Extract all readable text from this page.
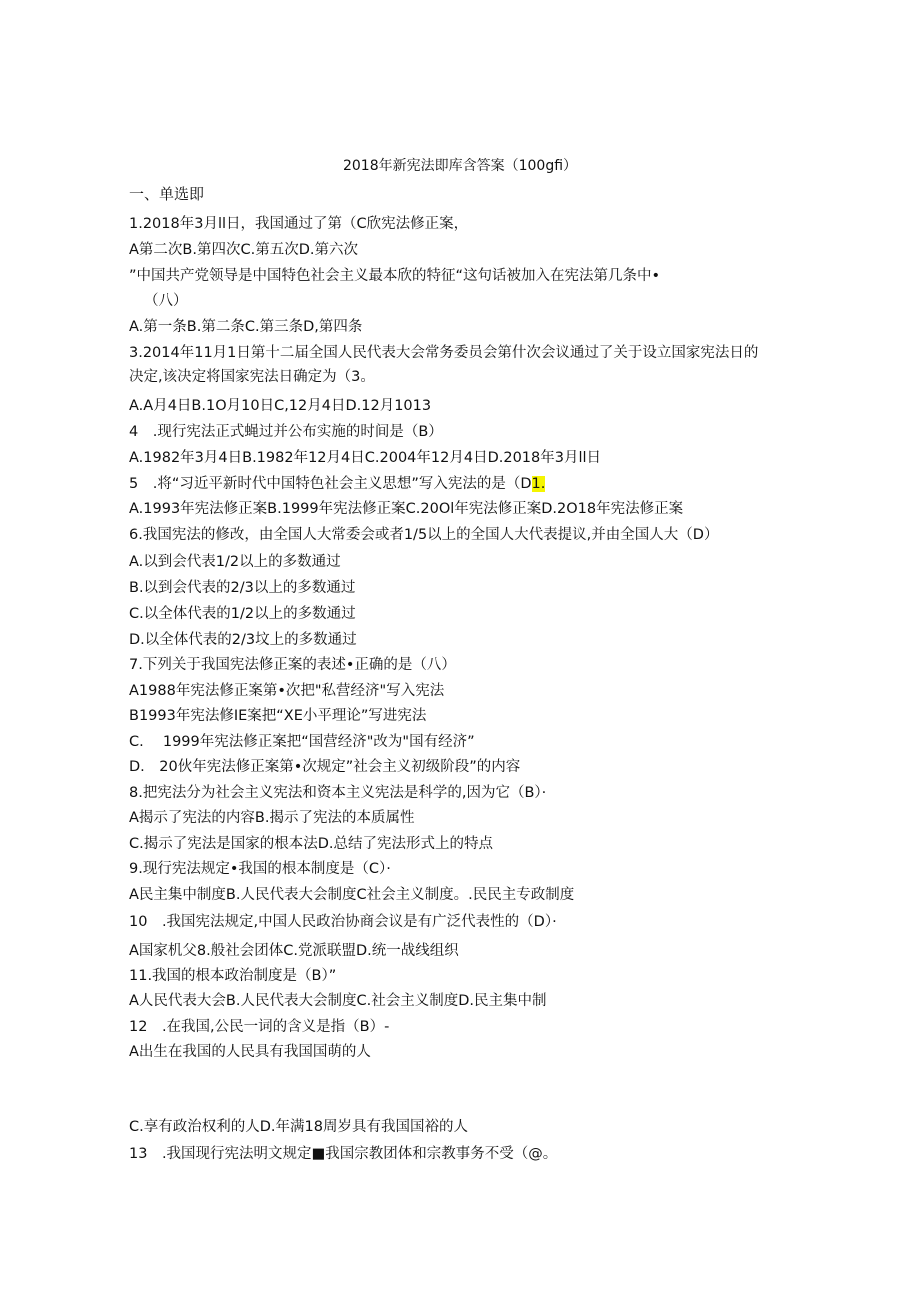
2018年新宪法即库含答案（100gfi）
一、单选即
1.2018年3月ll日，我国通过了第（C欣宪法修正案，
A第二次B.第四次C.第五次D.第六次
”中国共产党领导是中国特色社会主义最本欣的特征“这句话被加入在宪法第几条中•
（八）
A.第一条B.第二条C.第三条D,第四条
3.2014年11月1日第十二届全国人民代表大会常务委员会第什次会议通过了关于设立国家宪法日的
决定,该决定将国家宪法日确定为（3。
A.A月4日B.1O月10日C,12月4日D.12月1013
4　.现行宪法正式蝇过并公布实施的时间是（B）
A.1982年3月4日B.1982年12月4日C.2004年12月4日D.2018年3月ll日
5　.将“习近平新时代中国特色社会主义思想”写入宪法的是（D1.
A.1993年宪法修正案B.1999年宪法修正案C.20Ol年宪法修正案D.2O18年宪法修正案
6.我国宪法的修改，由全国人大常委会或者1/5以上的全国人大代表提议,并由全国人大（D）
A.以到会代表1/2以上的多数通过
B.以到会代表的2/3以上的多数通过
C.以全体代表的1/2以上的多数通过
D.以全体代表的2/3坟上的多数通过
7.下列关于我国宪法修正案的表述•正确的是（八）
A1988年宪法修正案第•次把"私营经济"写入宪法
B1993年宪法修IE案把“XE小平理论”写进宪法
C.　 1999年宪法修正案把“国营经济"改为"国有经济”
D.　20伙年宪法修正案第•次规定”社会主义初级阶段”的内容
8.把宪法分为社会主义宪法和资本主义宪法是科学的,因为它（B）·
A揭示了宪法的内容B.揭示了宪法的本质属性
C.揭示了宪法是国家的根本法D.总结了宪法形式上的特点
9.现行宪法规定•我国的根本制度是（C）·
A民主集中制度B.人民代表大会制度C社会主义制度。.民民主专政制度
10　.我国宪法规定,中国人民政治协商会议是有广泛代表性的（D）·
A国家机父8.般社会团体C.党派联盟D.统一战线组织
11.我国的根本政治制度是（B）”
A人民代表大会B.人民代表大会制度C.社会主义制度D.民主集中制
12　.在我国,公民一词的含义是指（B）-
A出生在我国的人民具有我国国萌的人
C.享有政治权利的人D.年满18周岁具有我国国裕的人
13　.我国现行宪法明文规定■我国宗教团体和宗教事务不受（@。
